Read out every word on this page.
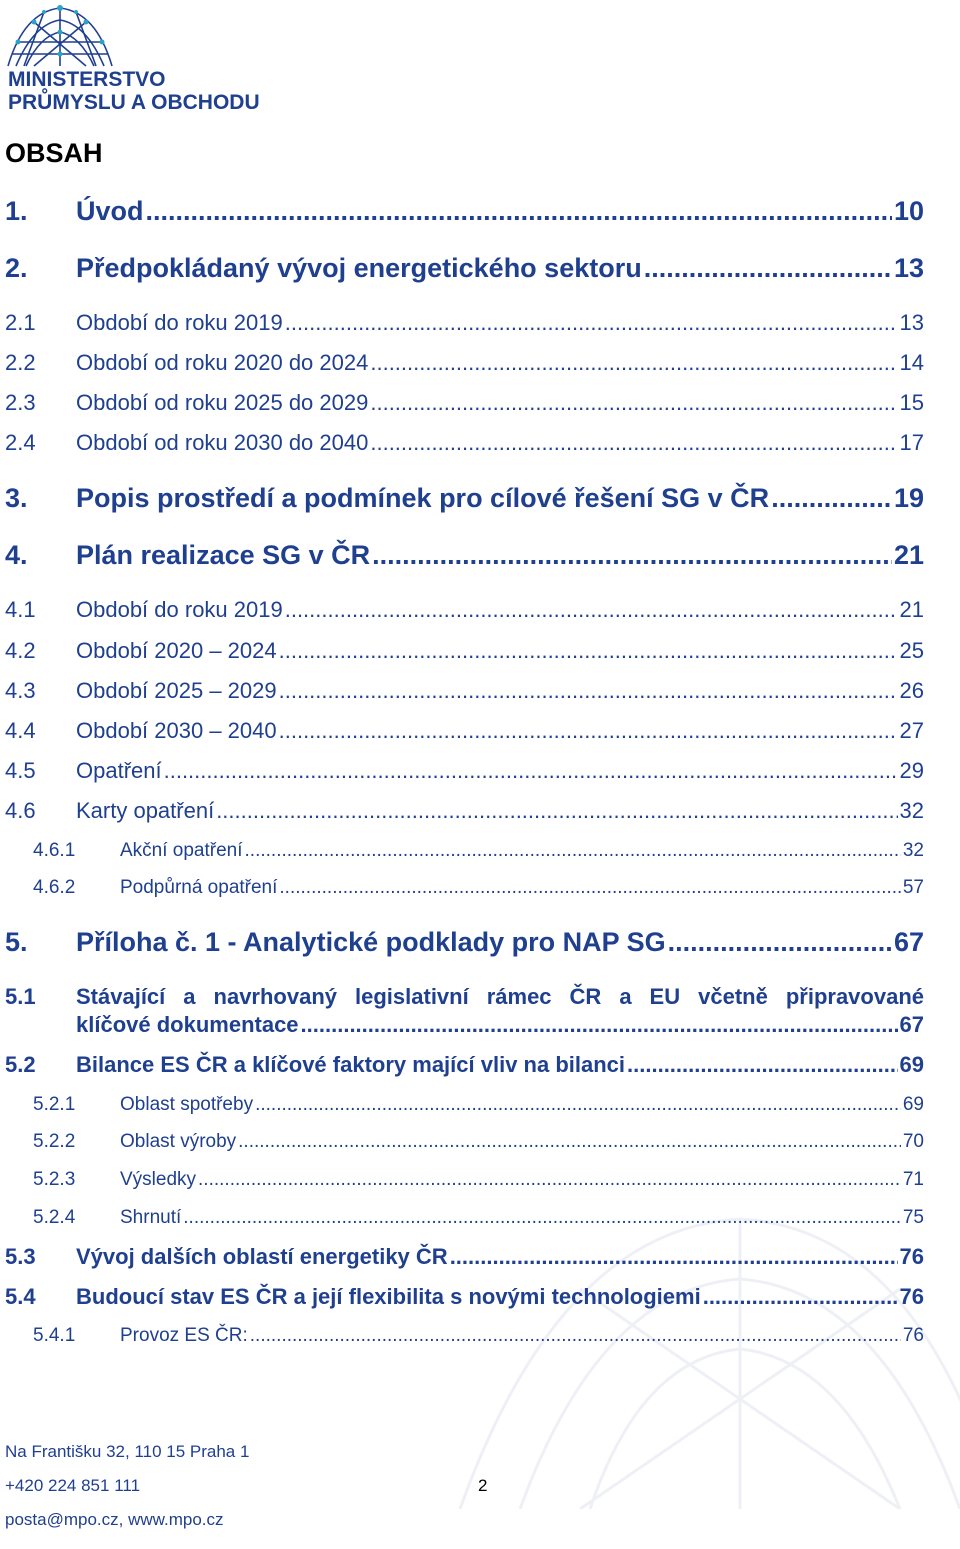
MINISTERSTVO
PRŮMYSLU A OBCHODU
OBSAH
1. Úvod .....	10
2. Předpokládaný vývoj energetického sektoru .....	13
2.1 Období do roku 2019 .....	13
2.2 Období od roku 2020 do 2024 .....	14
2.3 Období od roku 2025 do 2029 .....	15
2.4 Období od roku 2030 do 2040 .....	17
3. Popis prostředí a podmínek pro cílové řešení SG v ČR .....	19
4. Plán realizace SG v ČR .....	21
4.1 Období do roku 2019 .....	21
4.2 Období 2020 – 2024 .....	25
4.3 Období 2025 – 2029 .....	26
4.4 Období 2030 – 2040 .....	27
4.5 Opatření .....	29
4.6 Karty opatření .....	32
4.6.1 Akční opatření .....	32
4.6.2 Podpůrná opatření .....	57
5. Příloha č. 1 - Analytické podklady pro NAP SG .....	67
5.1 Stávající a navrhovaný legislativní rámec ČR a EU včetně připravované
klíčové dokumentace .....	67
5.2 Bilance ES ČR a klíčové faktory mající vliv na bilanci .....	69
5.2.1 Oblast spotřeby .....	69
5.2.2 Oblast výroby .....	70
5.2.3 Výsledky .....	71
5.2.4 Shrnutí .....	75
5.3 Vývoj dalších oblastí energetiky ČR .....	76
5.4 Budoucí stav ES ČR a její flexibilita s novými technologiemi .....	76
5.4.1 Provoz ES ČR: .....	76
Na Františku 32, 110 15 Praha 1
+420 224 851 111	2
posta@mpo.cz, www.mpo.cz
